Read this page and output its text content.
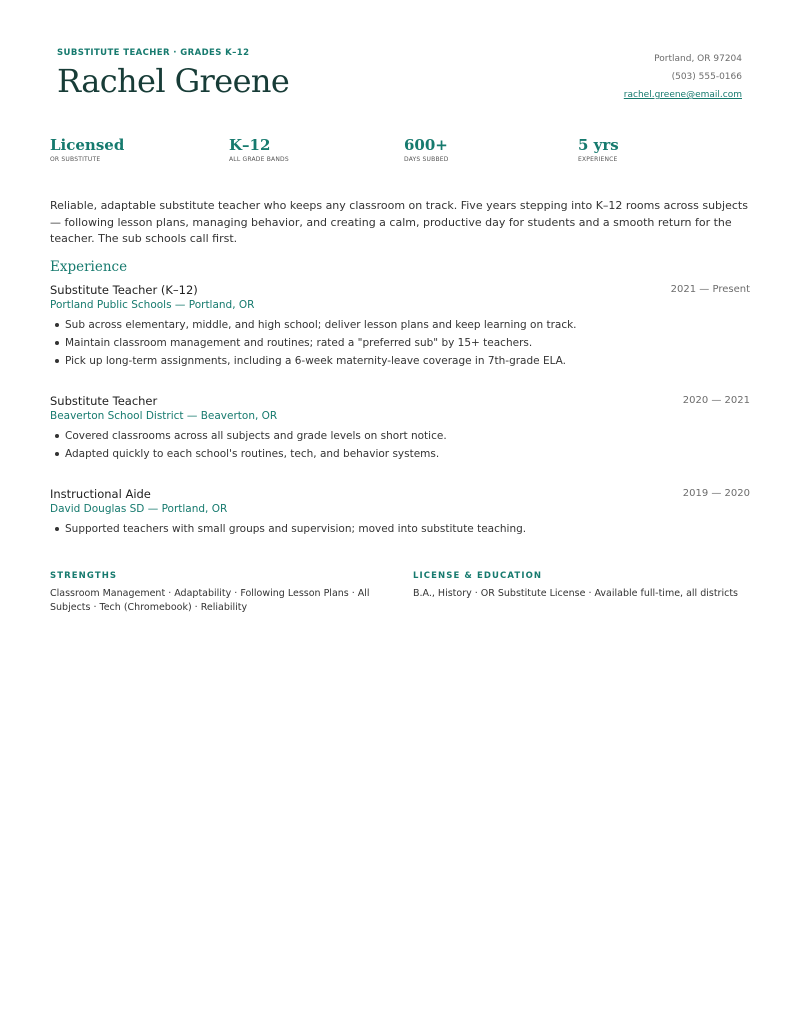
SUBSTITUTE TEACHER · GRADES K–12
Rachel Greene
Portland, OR 97204
(503) 555-0166
rachel.greene@email.com
Licensed
OR SUBSTITUTE
K–12
ALL GRADE BANDS
600+
DAYS SUBBED
5 yrs
EXPERIENCE
Reliable, adaptable substitute teacher who keeps any classroom on track. Five years stepping into K–12 rooms across subjects — following lesson plans, managing behavior, and creating a calm, productive day for students and a smooth return for the teacher. The sub schools call first.
Experience
Substitute Teacher (K–12)	2021 — Present
Portland Public Schools — Portland, OR
Sub across elementary, middle, and high school; deliver lesson plans and keep learning on track.
Maintain classroom management and routines; rated a "preferred sub" by 15+ teachers.
Pick up long-term assignments, including a 6-week maternity-leave coverage in 7th-grade ELA.
Substitute Teacher	2020 — 2021
Beaverton School District — Beaverton, OR
Covered classrooms across all subjects and grade levels on short notice.
Adapted quickly to each school's routines, tech, and behavior systems.
Instructional Aide	2019 — 2020
David Douglas SD — Portland, OR
Supported teachers with small groups and supervision; moved into substitute teaching.
STRENGTHS
Classroom Management · Adaptability · Following Lesson Plans · All Subjects · Tech (Chromebook) · Reliability
LICENSE & EDUCATION
B.A., History · OR Substitute License · Available full-time, all districts
